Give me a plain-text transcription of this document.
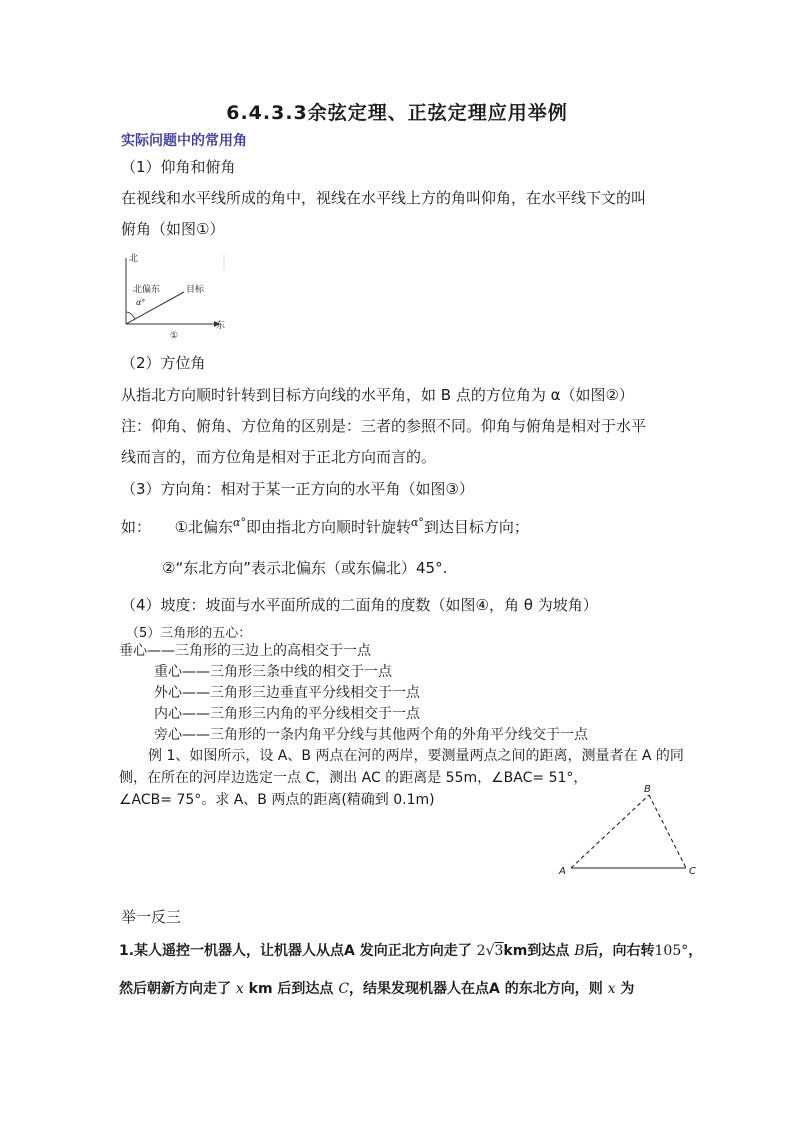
6.4.3.3余弦定理、正弦定理应用举例
实际问题中的常用角
（1）仰角和俯角
在视线和水平线所成的角中，视线在水平线上方的角叫仰角，在水平线下文的叫
俯角（如图①）
北
北偏东	目标
α°
东
①
（2）方位角
从指北方向顺时针转到目标方向线的水平角，如 B 点的方位角为 α（如图②）
注：仰角、俯角、方位角的区别是：三者的参照不同。仰角与俯角是相对于水平
线而言的，而方位角是相对于正北方向而言的。
（3）方向角：相对于某一正方向的水平角（如图③）
如： ①北偏东$^{\alpha^\circ}$即由指北方向顺时针旋转$^{\alpha^\circ}$到达目标方向；
②“东北方向”表示北偏东（或东偏北）45°.
（4）坡度：坡面与水平面所成的二面角的度数（如图④，角 θ 为坡角）
（5）三角形的五心：
垂心——三角形的三边上的高相交于一点
重心——三角形三条中线的相交于一点
外心——三角形三边垂直平分线相交于一点
内心——三角形三内角的平分线相交于一点
旁心——三角形的一条内角平分线与其他两个角的外角平分线交于一点
例 1、如图所示，设 A、B 两点在河的两岸，要测量两点之间的距离，测量者在 A 的同
侧，在所在的河岸边选定一点 C，测出 AC 的距离是 55m，∠BAC= 51°，
∠ACB= 75°。求 A、B 两点的距离(精确到 0.1m)
A
B
C
举一反三
1.某人遥控一机器人，让机器人从点A 发向正北方向走了 2√3km到达点 B后，向右转105°，
然后朝新方向走了 x km 后到达点 C，结果发现机器人在点A 的东北方向，则 x 为
